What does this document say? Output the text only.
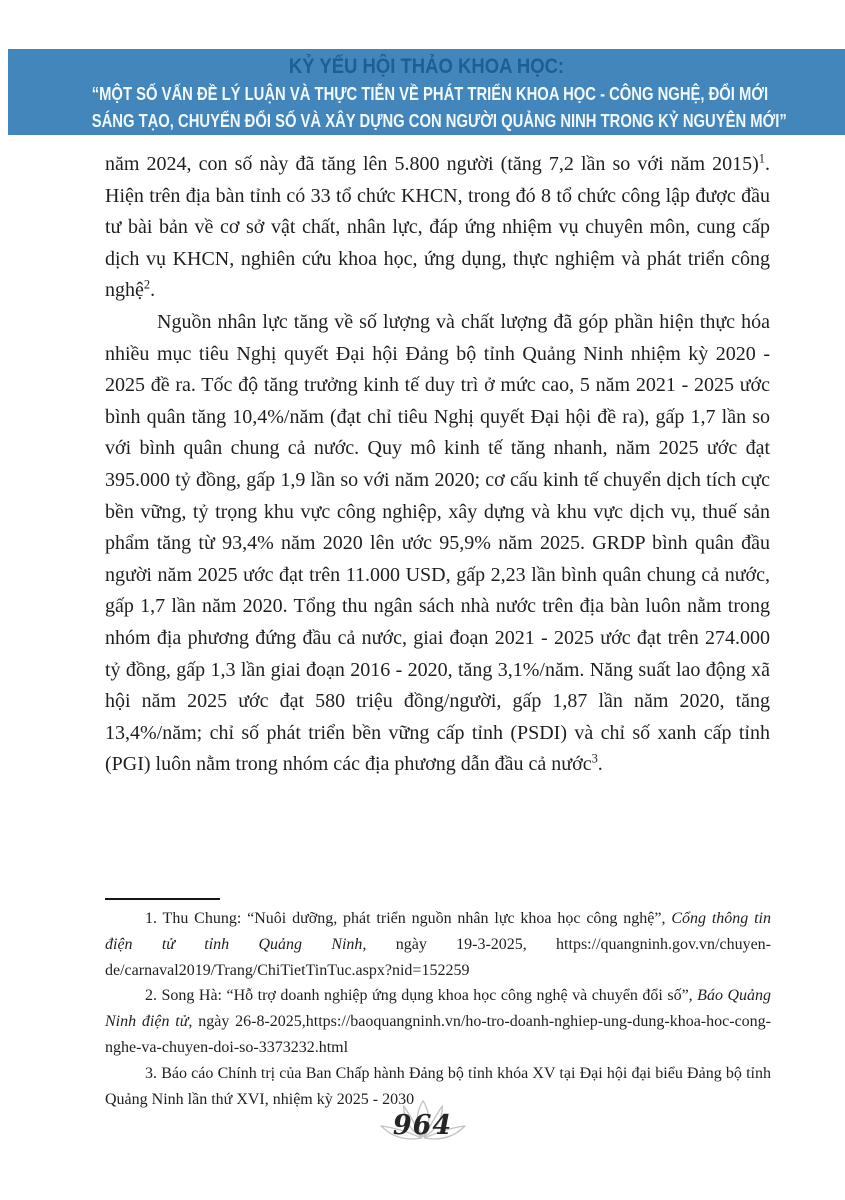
KỶ YẾU HỘI THẢO KHOA HỌC:
“MỘT SỐ VẤN ĐỀ LÝ LUẬN VÀ THỰC TIỄN VỀ PHÁT TRIỂN KHOA HỌC - CÔNG NGHỆ, ĐỔI MỚI
SÁNG TẠO, CHUYỂN ĐỔI SỐ VÀ XÂY DỰNG CON NGƯỜI QUẢNG NINH TRONG KỶ NGUYÊN MỚI”

năm 2024, con số này đã tăng lên 5.800 người (tăng 7,2 lần so với năm 2015)$^1$. Hiện trên địa bàn tỉnh có 33 tổ chức KHCN, trong đó 8 tổ chức công lập được đầu tư bài bản về cơ sở vật chất, nhân lực, đáp ứng nhiệm vụ chuyên môn, cung cấp dịch vụ KHCN, nghiên cứu khoa học, ứng dụng, thực nghiệm và phát triển công nghệ$^2$.

Nguồn nhân lực tăng về số lượng và chất lượng đã góp phần hiện thực hóa nhiều mục tiêu Nghị quyết Đại hội Đảng bộ tỉnh Quảng Ninh nhiệm kỳ 2020 - 2025 đề ra. Tốc độ tăng trưởng kinh tế duy trì ở mức cao, 5 năm 2021 - 2025 ước bình quân tăng 10,4%/năm (đạt chỉ tiêu Nghị quyết Đại hội đề ra), gấp 1,7 lần so với bình quân chung cả nước. Quy mô kinh tế tăng nhanh, năm 2025 ước đạt 395.000 tỷ đồng, gấp 1,9 lần so với năm 2020; cơ cấu kinh tế chuyển dịch tích cực bền vững, tỷ trọng khu vực công nghiệp, xây dựng và khu vực dịch vụ, thuế sản phẩm tăng từ 93,4% năm 2020 lên ước 95,9% năm 2025. GRDP bình quân đầu người năm 2025 ước đạt trên 11.000 USD, gấp 2,23 lần bình quân chung cả nước, gấp 1,7 lần năm 2020. Tổng thu ngân sách nhà nước trên địa bàn luôn nằm trong nhóm địa phương đứng đầu cả nước, giai đoạn 2021 - 2025 ước đạt trên 274.000 tỷ đồng, gấp 1,3 lần giai đoạn 2016 - 2020, tăng 3,1%/năm. Năng suất lao động xã hội năm 2025 ước đạt 580 triệu đồng/người, gấp 1,87 lần năm 2020, tăng 13,4%/năm; chỉ số phát triển bền vững cấp tỉnh (PSDI) và chỉ số xanh cấp tỉnh (PGI) luôn nằm trong nhóm các địa phương dẫn đầu cả nước$^3$.

1. Thu Chung: “Nuôi dưỡng, phát triển nguồn nhân lực khoa học công nghệ”, Cổng thông tin điện tử tỉnh Quảng Ninh, ngày 19-3-2025, https://quangninh.gov.vn/chuyen-de/carnaval2019/Trang/ChiTietTinTuc.aspx?nid=152259

2. Song Hà: “Hỗ trợ doanh nghiệp ứng dụng khoa học công nghệ và chuyển đổi số”, Báo Quảng Ninh điện tử, ngày 26-8-2025,https://baoquangninh.vn/ho-tro-doanh-nghiep-ung-dung-khoa-hoc-cong-nghe-va-chuyen-doi-so-3373232.html

3. Báo cáo Chính trị của Ban Chấp hành Đảng bộ tỉnh khóa XV tại Đại hội đại biểu Đảng bộ tỉnh Quảng Ninh lần thứ XVI, nhiệm kỳ 2025 - 2030

964
